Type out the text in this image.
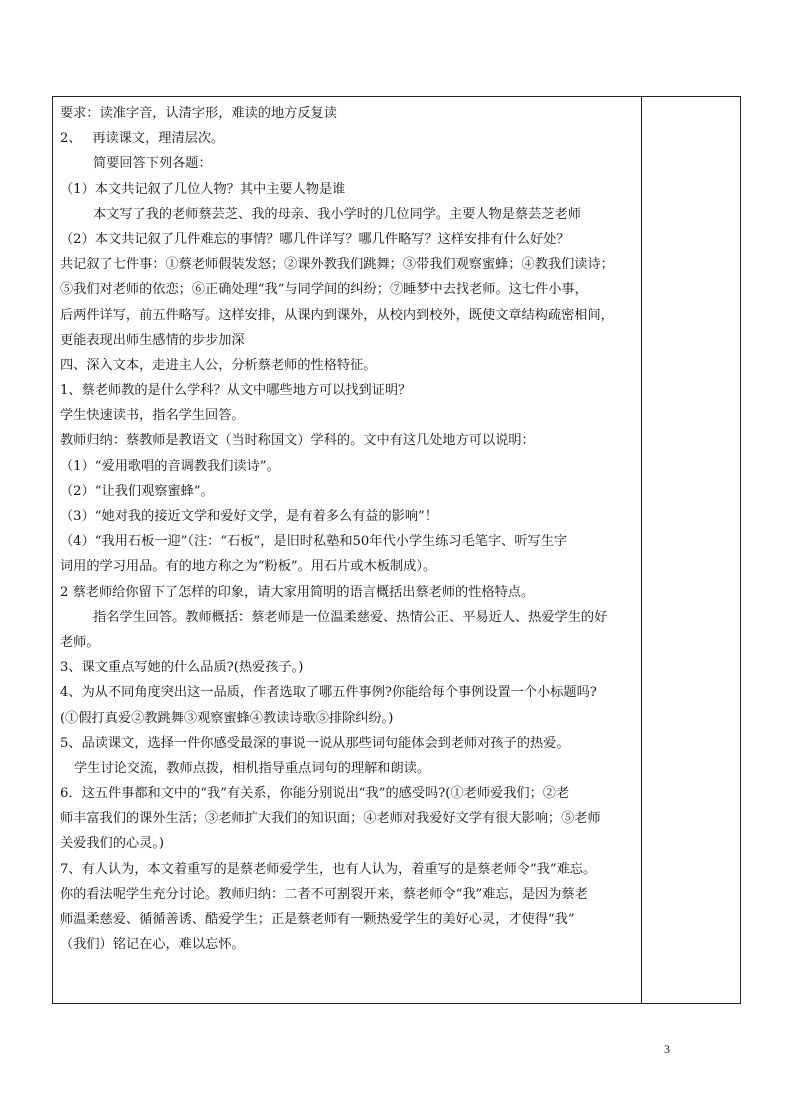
要求：读准字音，认清字形，难读的地方反复读
2、　 再读课文，理清层次。
简要回答下列各题：
（1）本文共记叙了几位人物？其中主要人物是谁
本文写了我的老师蔡芸芝、我的母亲、我小学时的几位同学。主要人物是蔡芸芝老师
（2）本文共记叙了几件难忘的事情？哪几件详写？哪几件略写？这样安排有什么好处？
共记叙了七件事：①蔡老师假装发怒；②课外教我们跳舞；③带我们观察蜜蜂；④教我们读诗；
⑤我们对老师的依恋；⑥正确处理“我”与同学间的纠纷；⑦睡梦中去找老师。这七件小事，
后两件详写，前五件略写。这样安排，从课内到课外，从校内到校外，既使文章结构疏密相间，
更能表现出师生感情的步步加深
四、深入文本，走进主人公，分析蔡老师的性格特征。
1、蔡老师教的是什么学科？从文中哪些地方可以找到证明？
学生快速读书，指名学生回答。
教师归纳：蔡教师是教语文（当时称国文）学科的。文中有这几处地方可以说明：
（1）“爱用歌唱的音调教我们读诗”。
（2）“让我们观察蜜蜂”。
（3）“她对我的接近文学和爱好文学，是有着多么有益的影响”！
（4）“我用石板一迎”（注：“石板”，是旧时私塾和50年代小学生练习毛笔字、听写生字
词用的学习用品。有的地方称之为“粉板”。用石片或木板制成）。
2 蔡老师给你留下了怎样的印象，请大家用简明的语言概括出蔡老师的性格特点。
指名学生回答。教师概括：蔡老师是一位温柔慈爱、热情公正、平易近人、热爱学生的好
老师。
3、课文重点写她的什么品质?(热爱孩子。)
4、为从不同角度突出这一品质，作者选取了哪五件事例?你能给每个事例设置一个小标题吗?
(①假打真爱②教跳舞③观察蜜蜂④教读诗歌⑤排除纠纷。)
5、品读课文，选择一件你感受最深的事说一说从那些词句能体会到老师对孩子的热爱。
学生讨论交流，教师点拨，相机指导重点词句的理解和朗读。
6．这五件事都和文中的“我”有关系，你能分别说出“我”的感受吗?(①老师爱我们；②老
师丰富我们的课外生活；③老师扩大我们的知识面；④老师对我爱好文学有很大影响；⑤老师
关爱我们的心灵。)
7、有人认为，本文着重写的是蔡老师爱学生，也有人认为，着重写的是蔡老师令“我”难忘。
你的看法呢学生充分讨论。教师归纳：二者不可割裂开来，蔡老师令“我”难忘，是因为蔡老
师温柔慈爱、循循善诱、酷爱学生；正是蔡老师有一颗热爱学生的美好心灵，才使得“我”
（我们）铭记在心，难以忘怀。
3
